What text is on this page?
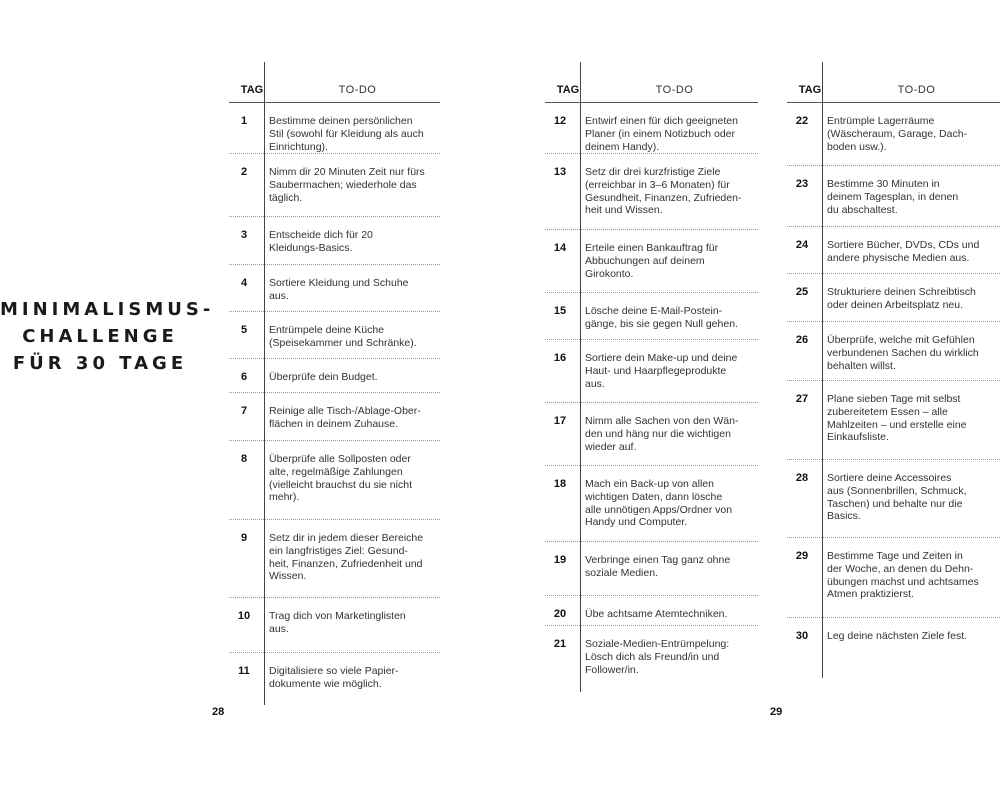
MINIMALISMUS-
CHALLENGE
FÜR 30 TAGE
TAG	TO-DO
1	Bestimme deinen persönlichen
Stil (sowohl für Kleidung als auch
Einrichtung).
2	Nimm dir 20 Minuten Zeit nur fürs
Saubermachen; wiederhole das
täglich.
3	Entscheide dich für 20
Kleidungs-Basics.
4	Sortiere Kleidung und Schuhe
aus.
5	Entrümpele deine Küche
(Speisekammer und Schränke).
6	Überprüfe dein Budget.
7	Reinige alle Tisch-/Ablage-Ober-
flächen in deinem Zuhause.
8	Überprüfe alle Sollposten oder
alte, regelmäßige Zahlungen
(vielleicht brauchst du sie nicht
mehr).
9	Setz dir in jedem dieser Bereiche
ein langfristiges Ziel: Gesund-
heit, Finanzen, Zufriedenheit und
Wissen.
10	Trag dich von Marketinglisten
aus.
11	Digitalisiere so viele Papier-
dokumente wie möglich.
TAG	TO-DO
12	Entwirf einen für dich geeigneten
Planer (in einem Notizbuch oder
deinem Handy).
13	Setz dir drei kurzfristige Ziele
(erreichbar in 3–6 Monaten) für
Gesundheit, Finanzen, Zufrieden-
heit und Wissen.
14	Erteile einen Bankauftrag für
Abbuchungen auf deinem
Girokonto.
15	Lösche deine E-Mail-Postein-
gänge, bis sie gegen Null gehen.
16	Sortiere dein Make-up und deine
Haut- und Haarpflegeprodukte
aus.
17	Nimm alle Sachen von den Wän-
den und häng nur die wichtigen
wieder auf.
18	Mach ein Back-up von allen
wichtigen Daten, dann lösche
alle unnötigen Apps/Ordner von
Handy und Computer.
19	Verbringe einen Tag ganz ohne
soziale Medien.
20	Übe achtsame Atemtechniken.
21	Soziale-Medien-Entrümpelung:
Lösch dich als Freund/in und
Follower/in.
TAG	TO-DO
22	Entrümple Lagerräume
(Wäscheraum, Garage, Dach-
boden usw.).
23	Bestimme 30 Minuten in
deinem Tagesplan, in denen
du abschaltest.
24	Sortiere Bücher, DVDs, CDs und
andere physische Medien aus.
25	Strukturiere deinen Schreibtisch
oder deinen Arbeitsplatz neu.
26	Überprüfe, welche mit Gefühlen
verbundenen Sachen du wirklich
behalten willst.
27	Plane sieben Tage mit selbst
zubereitetem Essen – alle
Mahlzeiten – und erstelle eine
Einkaufsliste.
28	Sortiere deine Accessoires
aus (Sonnenbrillen, Schmuck,
Taschen) und behalte nur die
Basics.
29	Bestimme Tage und Zeiten in
der Woche, an denen du Dehn-
übungen machst und achtsames
Atmen praktizierst.
30	Leg deine nächsten Ziele fest.
28	29
